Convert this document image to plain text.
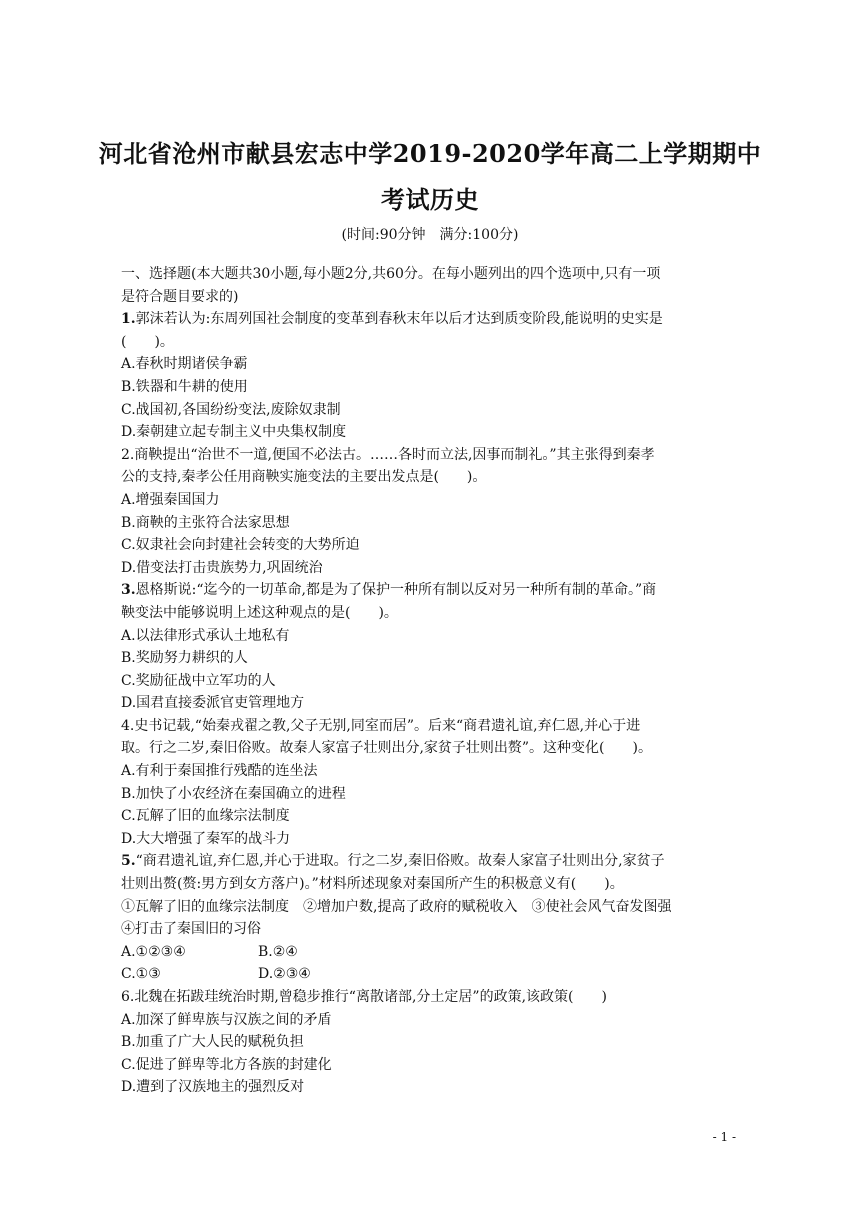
河北省沧州市献县宏志中学2019-2020学年高二上学期期中
考试历史
(时间:90分钟　满分:100分)

一、选择题(本大题共30小题,每小题2分,共60分。在每小题列出的四个选项中,只有一项

是符合题目要求的)

1.郭沫若认为:东周列国社会制度的变革到春秋末年以后才达到质变阶段,能说明的史实是

(　　)。

A.春秋时期诸侯争霸

B.铁器和牛耕的使用

C.战国初,各国纷纷变法,废除奴隶制

D.秦朝建立起专制主义中央集权制度

2.商鞅提出“治世不一道,便国不必法古。……各时而立法,因事而制礼。”其主张得到秦孝

公的支持,秦孝公任用商鞅实施变法的主要出发点是(　　)。

A.增强秦国国力

B.商鞅的主张符合法家思想

C.奴隶社会向封建社会转变的大势所迫

D.借变法打击贵族势力,巩固统治

3.恩格斯说:“迄今的一切革命,都是为了保护一种所有制以反对另一种所有制的革命。”商

鞅变法中能够说明上述这种观点的是(　　)。

A.以法律形式承认土地私有

B.奖励努力耕织的人

C.奖励征战中立军功的人

D.国君直接委派官吏管理地方

4.史书记载,“始秦戎翟之教,父子无别,同室而居”。后来“商君遗礼谊,弃仁恩,并心于进

取。行之二岁,秦旧俗败。故秦人家富子壮则出分,家贫子壮则出赘”。这种变化(　　)。

A.有利于秦国推行残酷的连坐法

B.加快了小农经济在秦国确立的进程

C.瓦解了旧的血缘宗法制度

D.大大增强了秦军的战斗力

5.“商君遗礼谊,弃仁恩,并心于进取。行之二岁,秦旧俗败。故秦人家富子壮则出分,家贫子

壮则出赘(赘:男方到女方落户)。”材料所述现象对秦国所产生的积极意义有(　　)。

①瓦解了旧的血缘宗法制度　②增加户数,提高了政府的赋税收入　③使社会风气奋发图强

④打击了秦国旧的习俗

A.①②③④	B.②④

C.①③	D.②③④

6.北魏在拓跋珪统治时期,曾稳步推行“离散诸部,分土定居”的政策,该政策(　　)

A.加深了鲜卑族与汉族之间的矛盾

B.加重了广大人民的赋税负担

C.促进了鲜卑等北方各族的封建化

D.遭到了汉族地主的强烈反对

- 1 -
